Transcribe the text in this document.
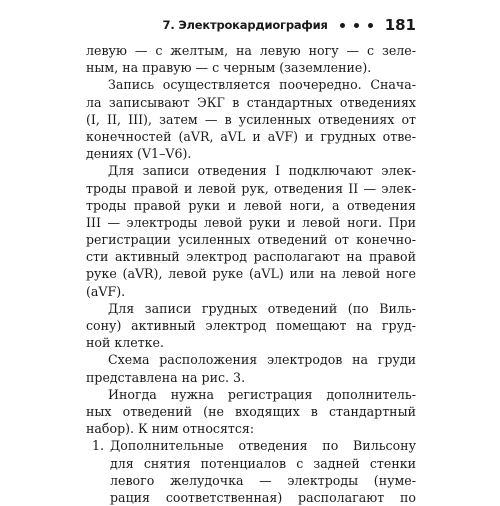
7. Электрокардиография	181
левую — с желтым, на левую ногу — с зеле-
ным, на правую — с черным (заземление).
Запись осуществляется поочередно. Снача-
ла записывают ЭКГ в стандартных отведениях
(I, II, III), затем — в усиленных отведениях от
конечностей (aVR, aVL и aVF) и грудных отве-
дениях (V1–V6).
Для записи отведения I подключают элек-
троды правой и левой рук, отведения II — элек-
троды правой руки и левой ноги, а отведения
III — электроды левой руки и левой ноги. При
регистрации усиленных отведений от конечно-
сти активный электрод располагают на правой
руке (aVR), левой руке (aVL) или на левой ноге
(aVF).
Для записи грудных отведений (по Виль-
сону) активный электрод помещают на груд-
ной клетке.
Схема расположения электродов на груди
представлена на рис. 3.
Иногда нужна регистрация дополнитель-
ных отведений (не входящих в стандартный
набор). К ним относятся:
1. Дополнительные отведения по Вильсону
для снятия потенциалов с задней стенки
левого желудочка — электроды (нуме-
рация соответственная) располагают по
